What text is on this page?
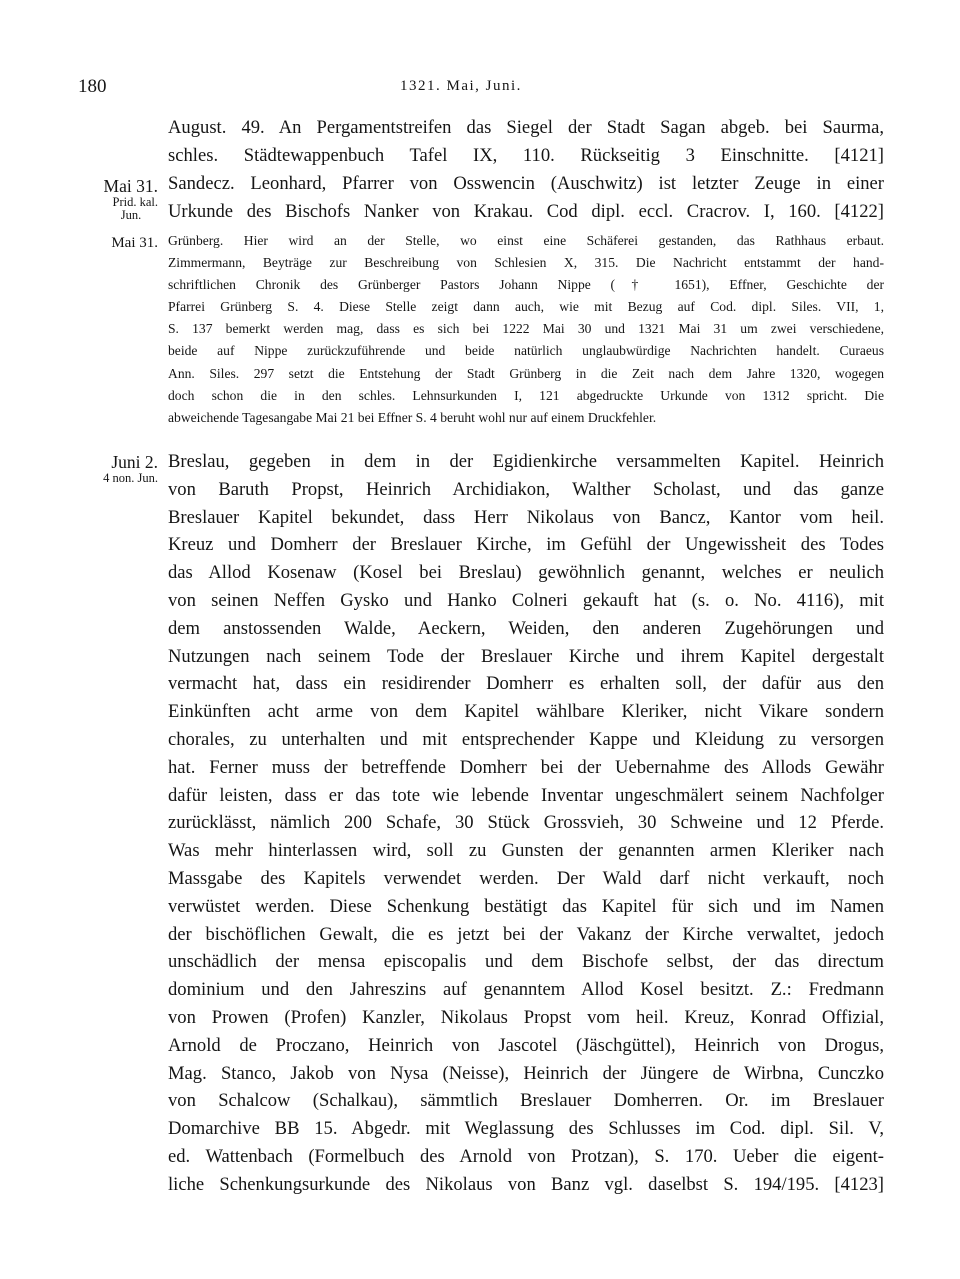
180	1321. Mai, Juni.
August. 49. An Pergamentstreifen das Siegel der Stadt Sagan abgeb. bei Saurma,
schles. Städtewappenbuch Tafel IX, 110. Rückseitig 3 Einschnitte. [4121]
Mai 31.
Prid. kal.
Jun.
Sandecz. Leonhard, Pfarrer von Osswencin (Auschwitz) ist letzter Zeuge in einer
Urkunde des Bischofs Nanker von Krakau. Cod dipl. eccl. Cracrov. I, 160. [4122]
Mai 31. Grünberg. Hier wird an der Stelle, wo einst eine Schäferei gestanden, das Rathhaus erbaut.
Zimmermann, Beyträge zur Beschreibung von Schlesien X, 315. Die Nachricht entstammt der hand-
schriftlichen Chronik des Grünberger Pastors Johann Nippe († 1651), Effner, Geschichte der
Pfarrei Grünberg S. 4. Diese Stelle zeigt dann auch, wie mit Bezug auf Cod. dipl. Siles. VII, 1,
S. 137 bemerkt werden mag, dass es sich bei 1222 Mai 30 und 1321 Mai 31 um zwei verschiedene,
beide auf Nippe zurückzuführende und beide natürlich unglaubwürdige Nachrichten handelt. Curaeus
Ann. Siles. 297 setzt die Entstehung der Stadt Grünberg in die Zeit nach dem Jahre 1320, wogegen
doch schon die in den schles. Lehnsurkunden I, 121 abgedruckte Urkunde von 1312 spricht. Die
abweichende Tagesangabe Mai 21 bei Effner S. 4 beruht wohl nur auf einem Druckfehler.
Juni 2.
4 non. Jun.
Breslau, gegeben in dem in der Egidienkirche versammelten Kapitel. Heinrich
von Baruth Propst, Heinrich Archidiakon, Walther Scholast, und das ganze
Breslauer Kapitel bekundet, dass Herr Nikolaus von Bancz, Kantor vom heil.
Kreuz und Domherr der Breslauer Kirche, im Gefühl der Ungewissheit des Todes
das Allod Kosenaw (Kosel bei Breslau) gewöhnlich genannt, welches er neulich
von seinen Neffen Gysko und Hanko Colneri gekauft hat (s. o. No. 4116), mit
dem anstossenden Walde, Aeckern, Weiden, den anderen Zugehörungen und
Nutzungen nach seinem Tode der Breslauer Kirche und ihrem Kapitel dergestalt
vermacht hat, dass ein residirender Domherr es erhalten soll, der dafür aus den
Einkünften acht arme von dem Kapitel wählbare Kleriker, nicht Vikare sondern
chorales, zu unterhalten und mit entsprechender Kappe und Kleidung zu versorgen
hat. Ferner muss der betreffende Domherr bei der Uebernahme des Allods Gewähr
dafür leisten, dass er das tote wie lebende Inventar ungeschmälert seinem Nachfolger
zurücklässt, nämlich 200 Schafe, 30 Stück Grossvieh, 30 Schweine und 12 Pferde.
Was mehr hinterlassen wird, soll zu Gunsten der genannten armen Kleriker nach
Massgabe des Kapitels verwendet werden. Der Wald darf nicht verkauft, noch
verwüstet werden. Diese Schenkung bestätigt das Kapitel für sich und im Namen
der bischöflichen Gewalt, die es jetzt bei der Vakanz der Kirche verwaltet, jedoch
unschädlich der mensa episcopalis und dem Bischofe selbst, der das directum
dominium und den Jahreszins auf genanntem Allod Kosel besitzt. Z.: Fredmann
von Prowen (Profen) Kanzler, Nikolaus Propst vom heil. Kreuz, Konrad Offizial,
Arnold de Proczano, Heinrich von Jascotel (Jäschgüttel), Heinrich von Drogus,
Mag. Stanco, Jakob von Nysa (Neisse), Heinrich der Jüngere de Wirbna, Cunczko
von Schalcow (Schalkau), sämmtlich Breslauer Domherren. Or. im Breslauer
Domarchive BB 15. Abgedr. mit Weglassung des Schlusses im Cod. dipl. Sil. V,
ed. Wattenbach (Formelbuch des Arnold von Protzan), S. 170. Ueber die eigent-
liche Schenkungsurkunde des Nikolaus von Banz vgl. daselbst S. 194/195. [4123]
